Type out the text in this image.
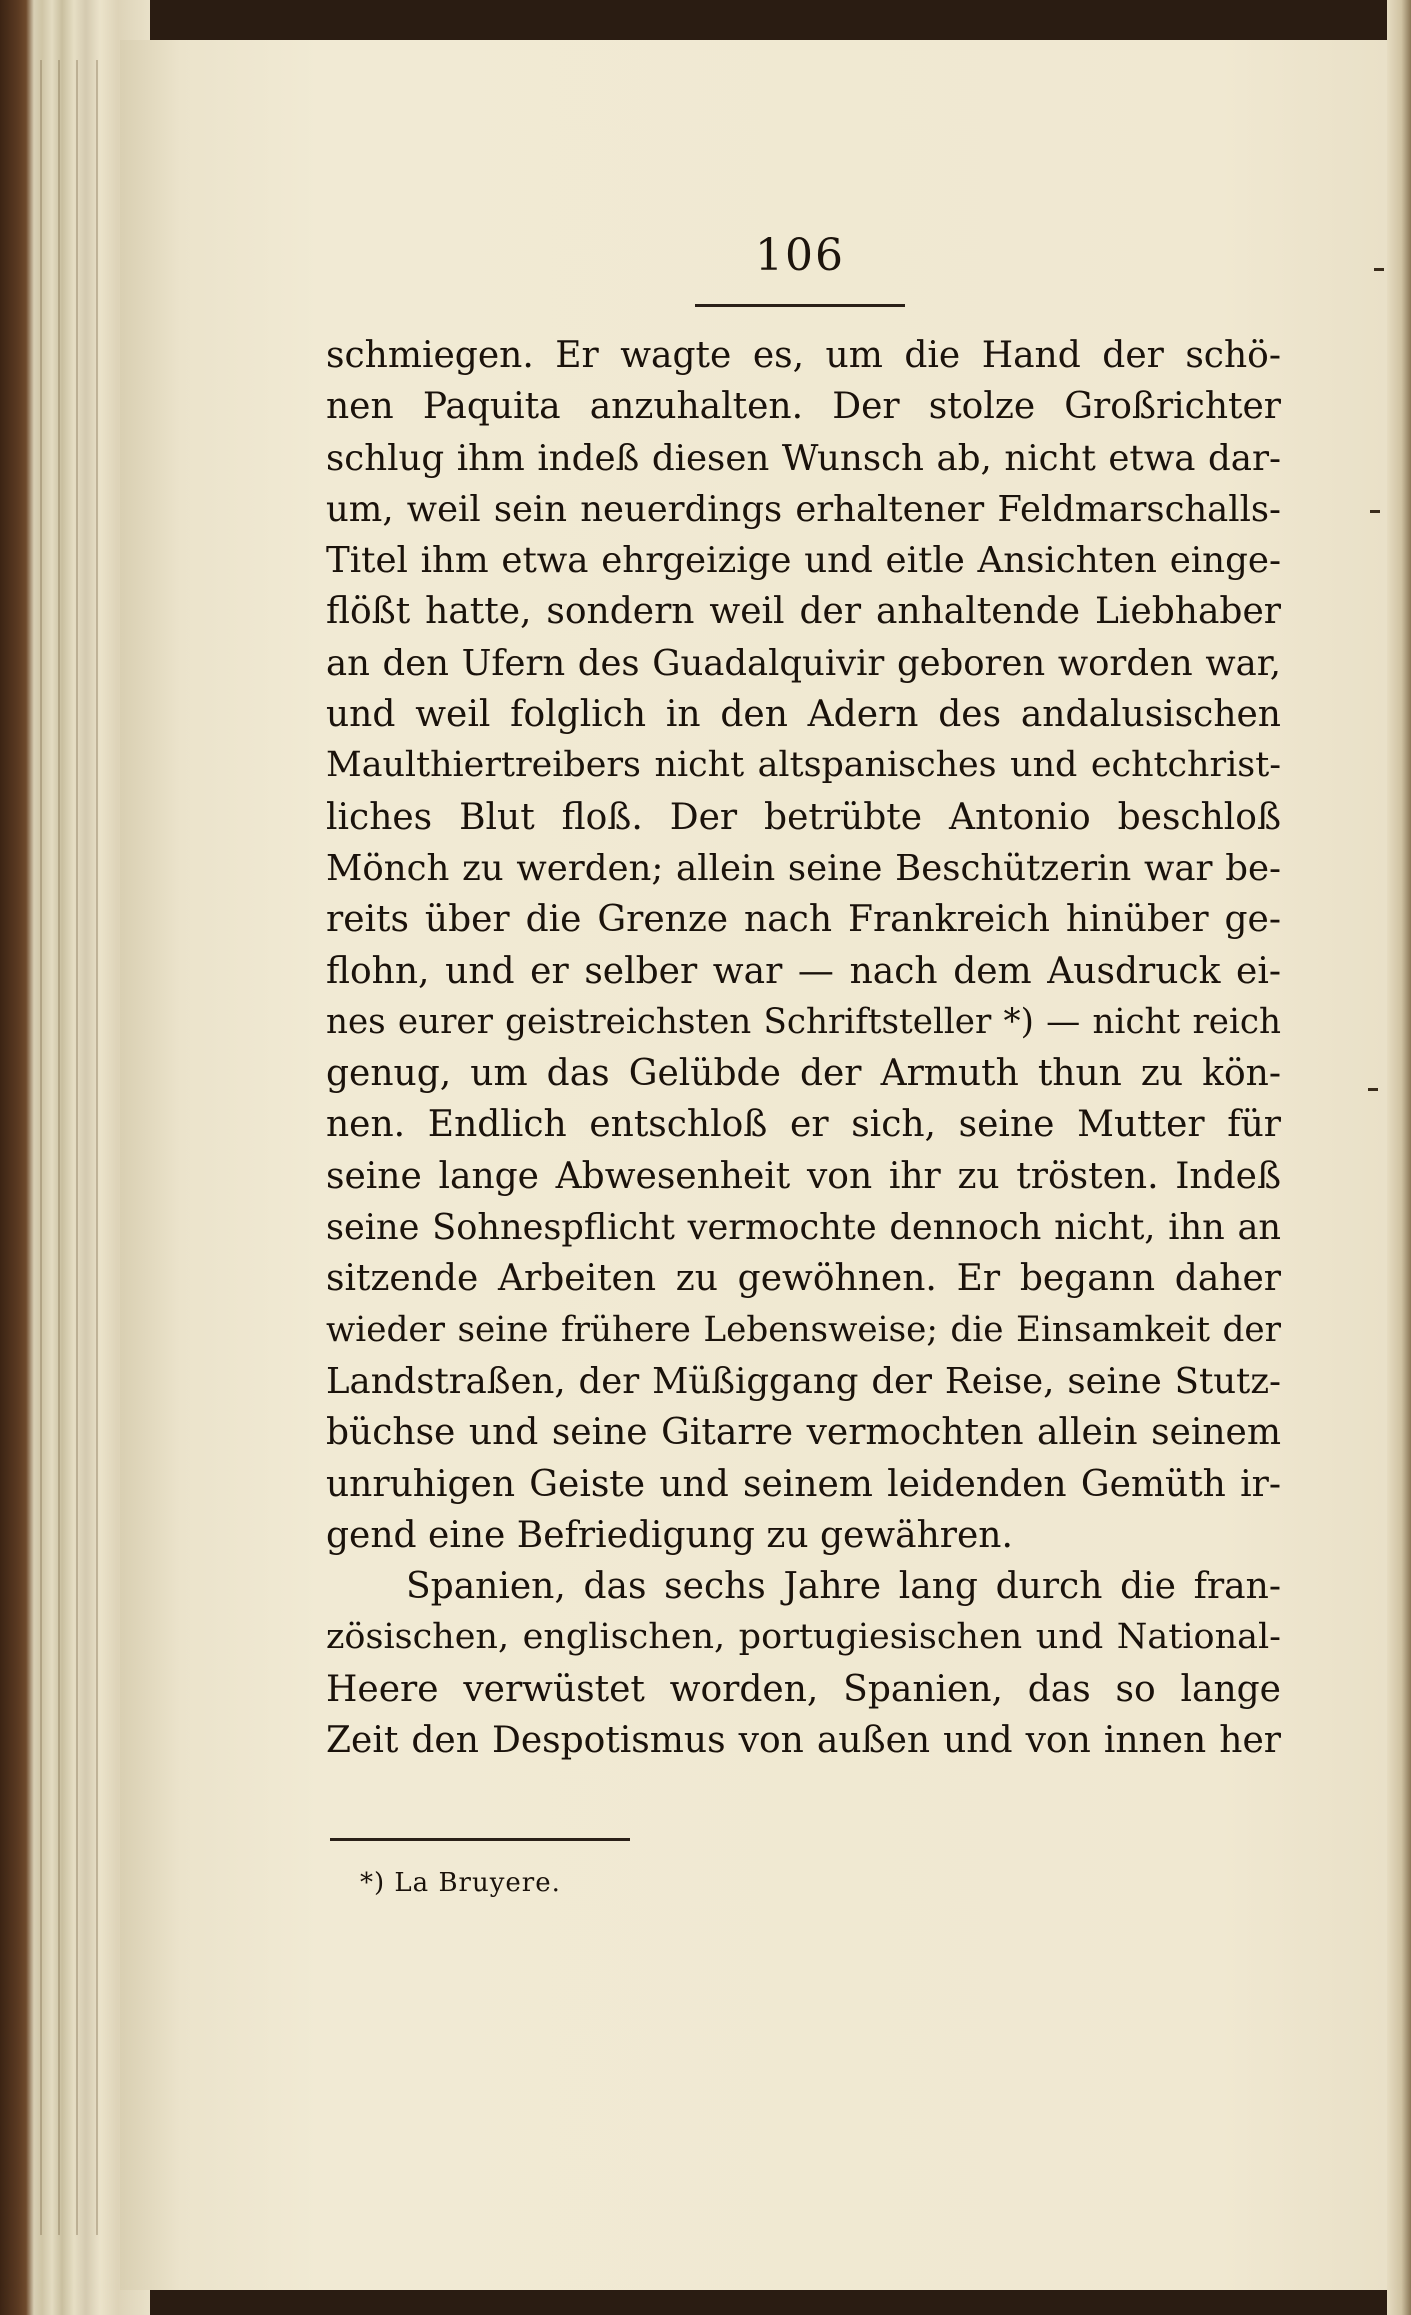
106
schmiegen. Er wagte es, um die Hand der schö-
nen Paquita anzuhalten. Der stolze Großrichter
schlug ihm indeß diesen Wunsch ab, nicht etwa dar-
um, weil sein neuerdings erhaltener Feldmarschalls-
Titel ihm etwa ehrgeizige und eitle Ansichten einge-
flößt hatte, sondern weil der anhaltende Liebhaber
an den Ufern des Guadalquivir geboren worden war,
und weil folglich in den Adern des andalusischen
Maulthiertreibers nicht altspanisches und echtchrist-
liches Blut floß. Der betrübte Antonio beschloß
Mönch zu werden; allein seine Beschützerin war be-
reits über die Grenze nach Frankreich hinüber ge-
flohn, und er selber war — nach dem Ausdruck ei-
nes eurer geistreichsten Schriftsteller *) — nicht reich
genug, um das Gelübde der Armuth thun zu kön-
nen. Endlich entschloß er sich, seine Mutter für
seine lange Abwesenheit von ihr zu trösten. Indeß
seine Sohnespflicht vermochte dennoch nicht, ihn an
sitzende Arbeiten zu gewöhnen. Er begann daher
wieder seine frühere Lebensweise; die Einsamkeit der
Landstraßen, der Müßiggang der Reise, seine Stutz-
büchse und seine Gitarre vermochten allein seinem
unruhigen Geiste und seinem leidenden Gemüth ir-
gend eine Befriedigung zu gewähren.
Spanien, das sechs Jahre lang durch die fran-
zösischen, englischen, portugiesischen und National-
Heere verwüstet worden, Spanien, das so lange
Zeit den Despotismus von außen und von innen her
*) La Bruyere.
